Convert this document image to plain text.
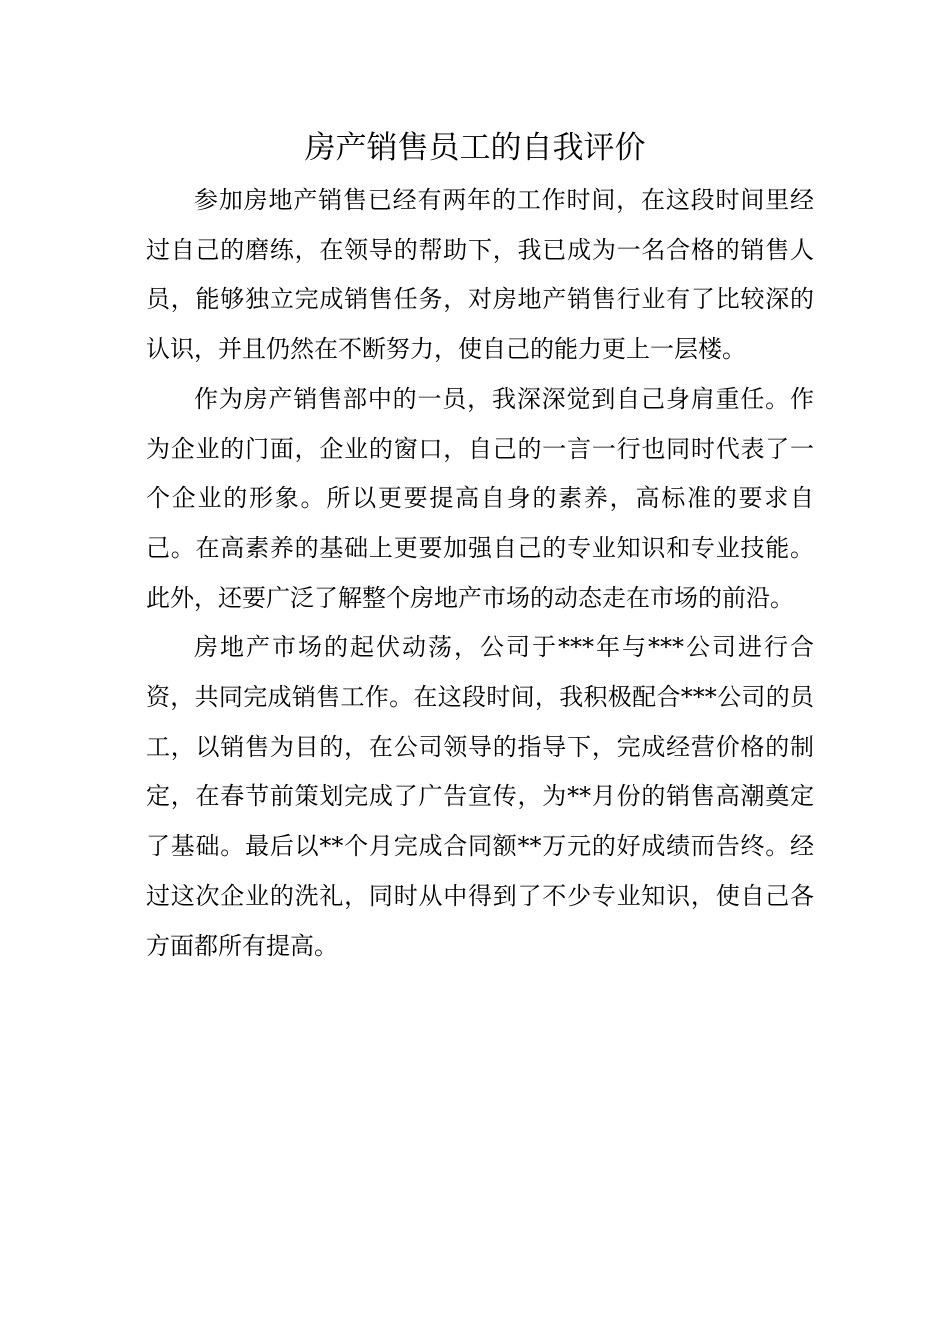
房产销售员工的自我评价

参加房地产销售已经有两年的工作时间，在这段时间里经过自己的磨练，在领导的帮助下，我已成为一名合格的销售人员，能够独立完成销售任务，对房地产销售行业有了比较深的认识，并且仍然在不断努力，使自己的能力更上一层楼。

作为房产销售部中的一员，我深深觉到自己身肩重任。作为企业的门面，企业的窗口，自己的一言一行也同时代表了一个企业的形象。所以更要提高自身的素养，高标准的要求自己。在高素养的基础上更要加强自己的专业知识和专业技能。此外，还要广泛了解整个房地产市场的动态走在市场的前沿。

房地产市场的起伏动荡，公司于***年与***公司进行合资，共同完成销售工作。在这段时间，我积极配合***公司的员工，以销售为目的，在公司领导的指导下，完成经营价格的制定，在春节前策划完成了广告宣传，为**月份的销售高潮奠定了基础。最后以**个月完成合同额**万元的好成绩而告终。经过这次企业的洗礼，同时从中得到了不少专业知识，使自己各方面都所有提高。
